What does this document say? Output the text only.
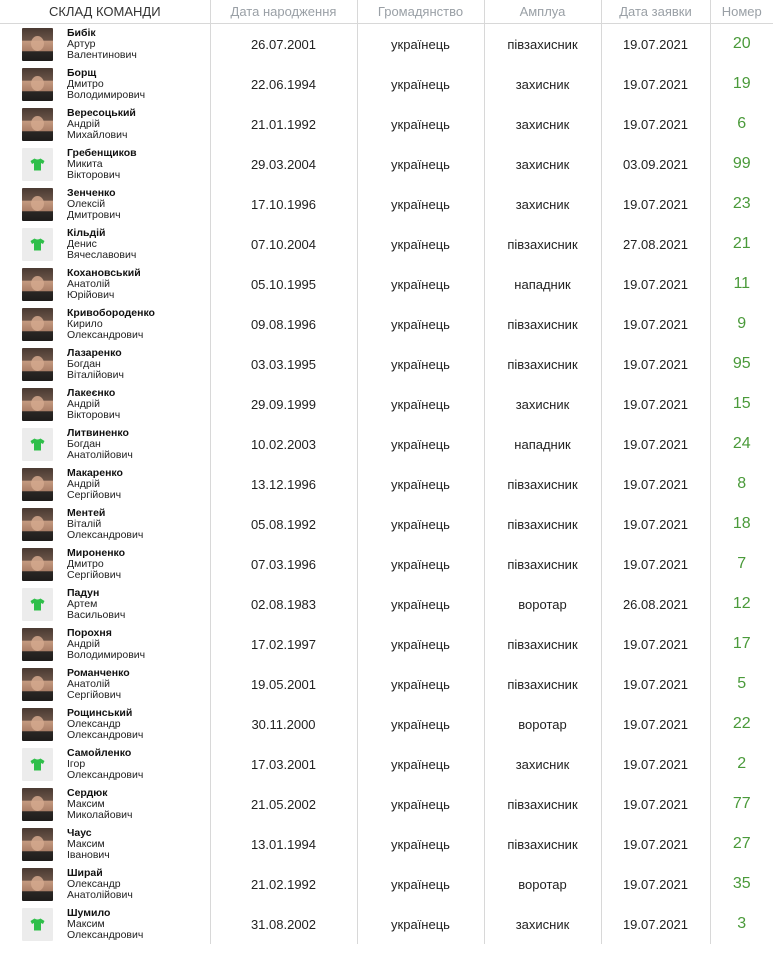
СКЛАД КОМАНДИ	Дата народження	Громадянство	Амплуа	Дата заявки	Номер

Бибік
Артур
Валентинович	26.07.2001	українець	півзахисник	19.07.2021	20

Борщ
Дмитро
Володимирович	22.06.1994	українець	захисник	19.07.2021	19

Вересоцький
Андрій
Михайлович	21.01.1992	українець	захисник	19.07.2021	6

Гребенщиков
Микита
Вікторович	29.03.2004	українець	захисник	03.09.2021	99

Зенченко
Олексій
Дмитрович	17.10.1996	українець	захисник	19.07.2021	23

Кільдій
Денис
Вячеславович	07.10.2004	українець	півзахисник	27.08.2021	21

Кохановський
Анатолій
Юрійович	05.10.1995	українець	нападник	19.07.2021	11

Кривобороденко
Кирило
Олександрович	09.08.1996	українець	півзахисник	19.07.2021	9

Лазаренко
Богдан
Віталійович	03.03.1995	українець	півзахисник	19.07.2021	95

Лакеєнко
Андрій
Вікторович	29.09.1999	українець	захисник	19.07.2021	15

Литвиненко
Богдан
Анатолійович	10.02.2003	українець	нападник	19.07.2021	24

Макаренко
Андрій
Сергійович	13.12.1996	українець	півзахисник	19.07.2021	8

Ментей
Віталій
Олександрович	05.08.1992	українець	півзахисник	19.07.2021	18

Мироненко
Дмитро
Сергійович	07.03.1996	українець	півзахисник	19.07.2021	7

Падун
Артем
Васильович	02.08.1983	українець	воротар	26.08.2021	12

Порохня
Андрій
Володимирович	17.02.1997	українець	півзахисник	19.07.2021	17

Романченко
Анатолій
Сергійович	19.05.2001	українець	півзахисник	19.07.2021	5

Рощинський
Олександр
Олександрович	30.11.2000	українець	воротар	19.07.2021	22

Самойленко
Ігор
Олександрович	17.03.2001	українець	захисник	19.07.2021	2

Сердюк
Максим
Миколайович	21.05.2002	українець	півзахисник	19.07.2021	77

Чаус
Максим
Іванович	13.01.1994	українець	півзахисник	19.07.2021	27

Ширай
Олександр
Анатолійович	21.02.1992	українець	воротар	19.07.2021	35

Шумило
Максим
Олександрович	31.08.2002	українець	захисник	19.07.2021	3
